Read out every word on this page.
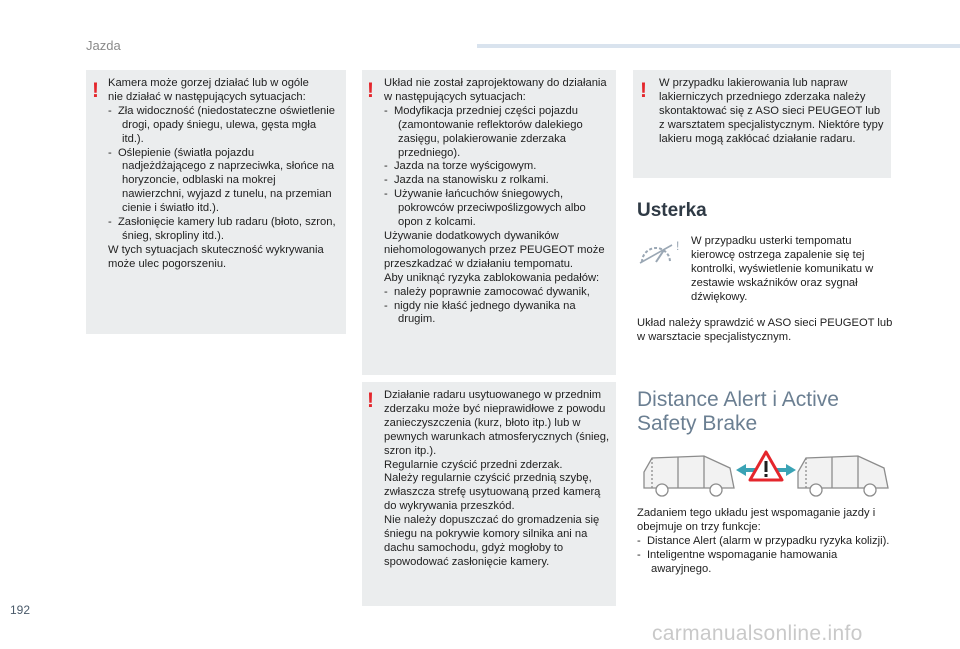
Jazda
! Kamera może gorzej działać lub w ogóle

nie działać w następujących sytuacjach:

-  Zła widoczność (niedostateczne oświetlenie drogi, opady śniegu, ulewa, gęsta mgła itd.).

-  Oślepienie (światła pojazdu nadjeżdżającego z naprzeciwka, słońce na horyzoncie, odblaski na mokrej nawierzchni, wyjazd z tunelu, na przemian cienie i światło itd.).

-  Zasłonięcie kamery lub radaru (błoto, szron, śnieg, skropliny itd.).

W tych sytuacjach skuteczność wykrywania może ulec pogorszeniu.

! Układ nie został zaprojektowany do działania w następujących sytuacjach:

-  Modyfikacja przedniej części pojazdu (zamontowanie reflektorów dalekiego zasięgu, polakierowanie zderzaka przedniego).

-  Jazda na torze wyścigowym.

-  Jazda na stanowisku z rolkami.

-  Używanie łańcuchów śniegowych, pokrowców przeciwpoślizgowych albo opon z kolcami.

Używanie dodatkowych dywaników niehomologowanych przez PEUGEOT może przeszkadzać w działaniu tempomatu.

Aby uniknąć ryzyka zablokowania pedałów:

-  należy poprawnie zamocować dywanik,

-  nigdy nie kłaść jednego dywanika na drugim.

! Działanie radaru usytuowanego w przednim zderzaku może być nieprawidłowe z powodu zanieczyszczenia (kurz, błoto itp.) lub w pewnych warunkach atmosferycznych (śnieg, szron itp.).

Regularnie czyścić przedni zderzak.

Należy regularnie czyścić przednią szybę, zwłaszcza strefę usytuowaną przed kamerą do wykrywania przeszkód.

Nie należy dopuszczać do gromadzenia się śniegu na pokrywie komory silnika ani na dachu samochodu, gdyż mogłoby to spowodować zasłonięcie kamery.

! W przypadku lakierowania lub napraw lakierniczych przedniego zderzaka należy skontaktować się z ASO sieci PEUGEOT lub z warsztatem specjalistycznym. Niektóre typy lakieru mogą zakłócać działanie radaru.

Usterka
! W przypadku usterki tempomatu kierowcę ostrzega zapalenie się tej kontrolki, wyświetlenie komunikatu w zestawie wskaźników oraz sygnał dźwiękowy.
Układ należy sprawdzić w ASO sieci PEUGEOT lub w warsztacie specjalistycznym.
Distance Alert i Active
Safety Brake
Zadaniem tego układu jest wspomaganie jazdy i obejmuje on trzy funkcje:

-  Distance Alert (alarm w przypadku ryzyka kolizji).

-  Inteligentne wspomaganie hamowania awaryjnego.

192
carmanualsonline.info
